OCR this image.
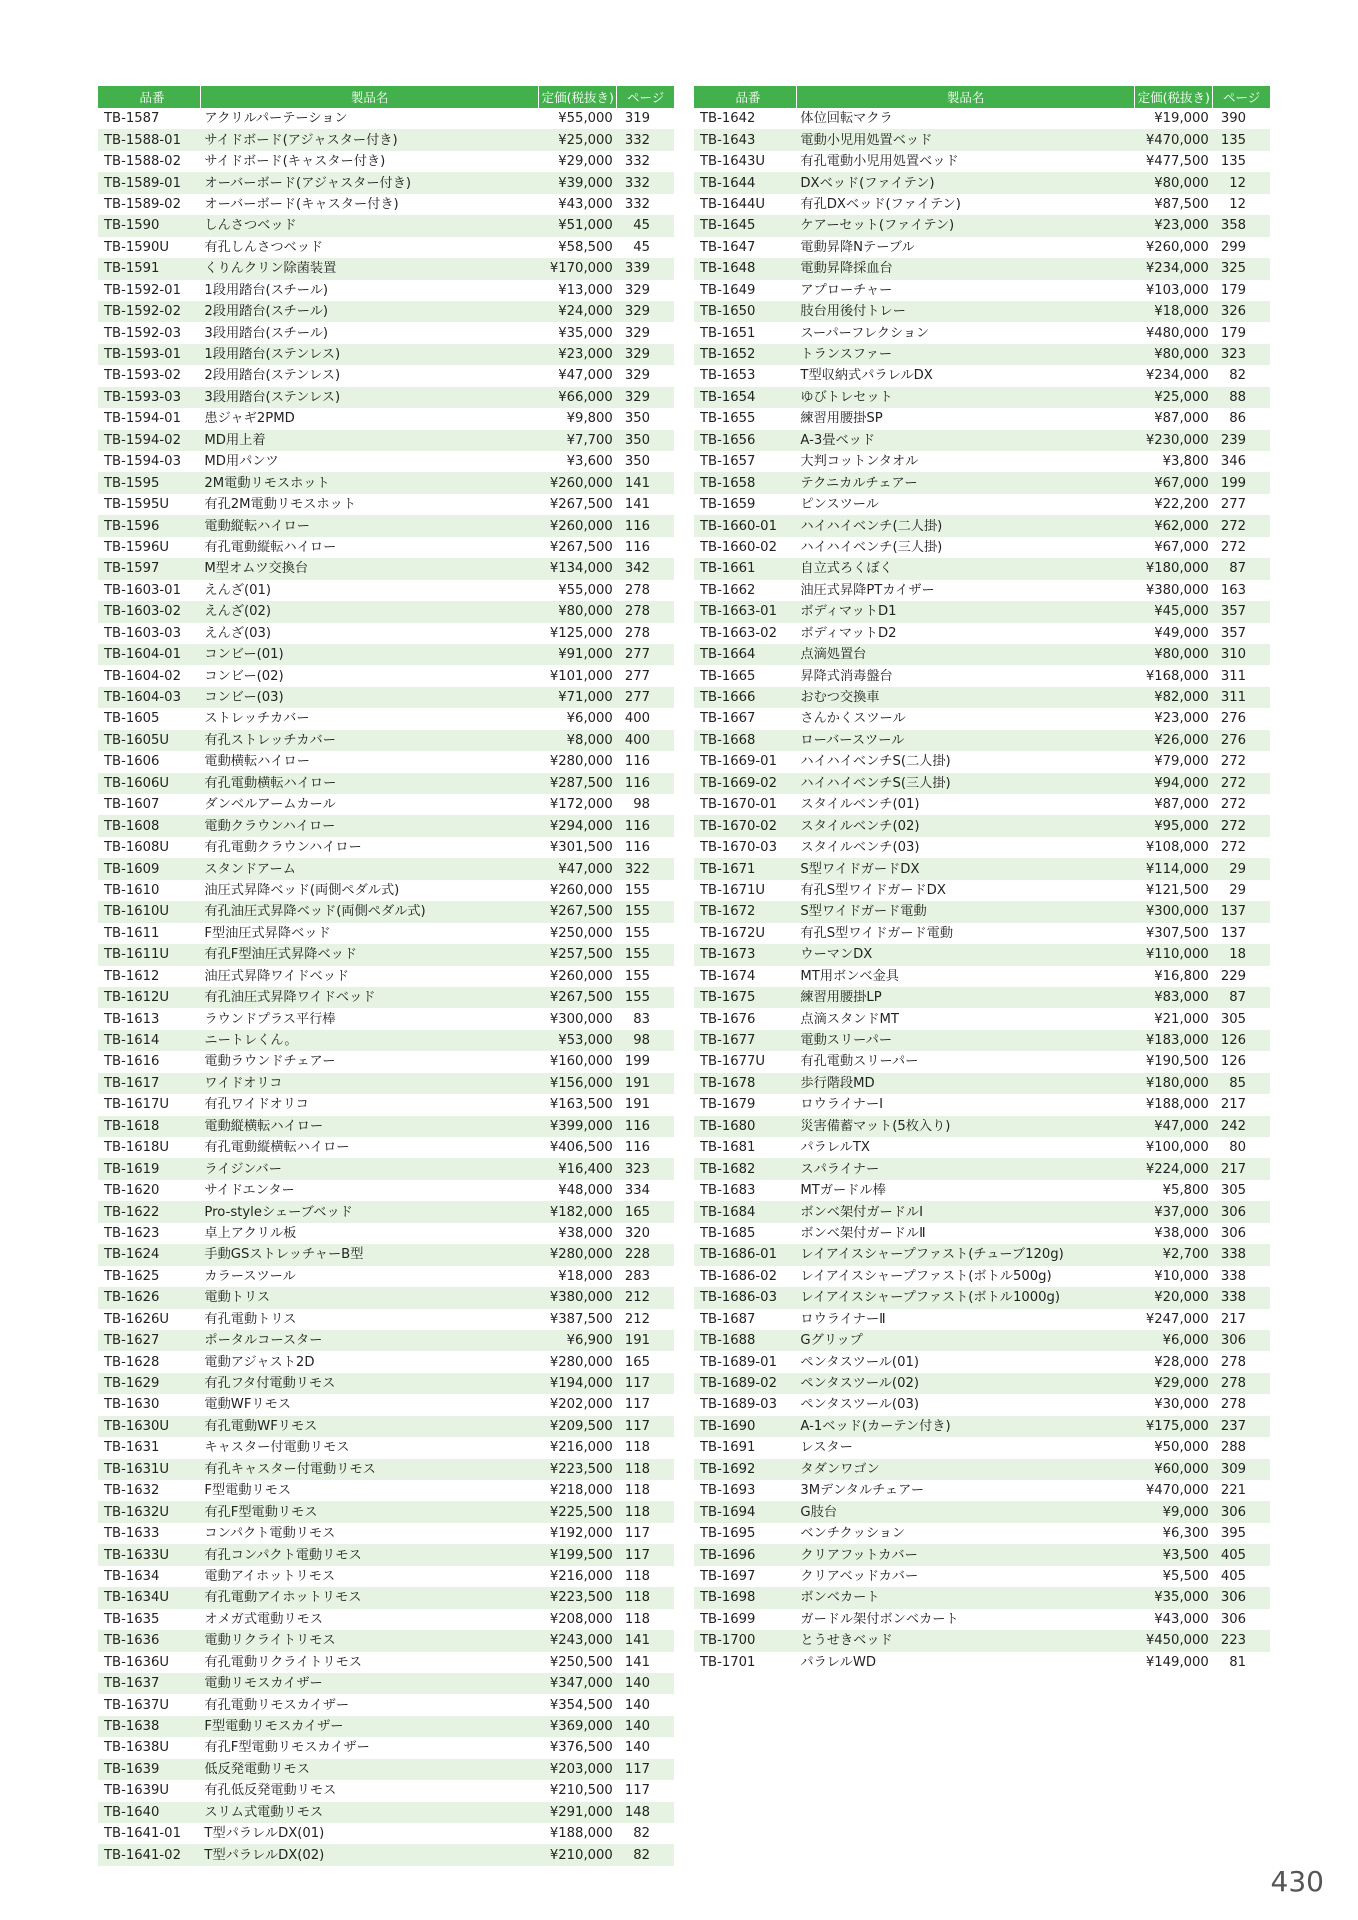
品番	製品名	定価(税抜き)	ページ
TB-1587	アクリルパーテーション	¥55,000	319
TB-1588-01	サイドボード(アジャスター付き)	¥25,000	332
TB-1588-02	サイドボード(キャスター付き)	¥29,000	332
TB-1589-01	オーバーボード(アジャスター付き)	¥39,000	332
TB-1589-02	オーバーボード(キャスター付き)	¥43,000	332
TB-1590	しんさつベッド	¥51,000	45
TB-1590U	有孔しんさつベッド	¥58,500	45
TB-1591	くりんクリン除菌装置	¥170,000	339
TB-1592-01	1段用踏台(スチール)	¥13,000	329
TB-1592-02	2段用踏台(スチール)	¥24,000	329
TB-1592-03	3段用踏台(スチール)	¥35,000	329
TB-1593-01	1段用踏台(ステンレス)	¥23,000	329
TB-1593-02	2段用踏台(ステンレス)	¥47,000	329
TB-1593-03	3段用踏台(ステンレス)	¥66,000	329
TB-1594-01	患ジャギ2PMD	¥9,800	350
TB-1594-02	MD用上着	¥7,700	350
TB-1594-03	MD用パンツ	¥3,600	350
TB-1595	2M電動リモスホット	¥260,000	141
TB-1595U	有孔2M電動リモスホット	¥267,500	141
TB-1596	電動縦転ハイロー	¥260,000	116
TB-1596U	有孔電動縦転ハイロー	¥267,500	116
TB-1597	M型オムツ交換台	¥134,000	342
TB-1603-01	えんざ(01)	¥55,000	278
TB-1603-02	えんざ(02)	¥80,000	278
TB-1603-03	えんざ(03)	¥125,000	278
TB-1604-01	コンビー(01)	¥91,000	277
TB-1604-02	コンビー(02)	¥101,000	277
TB-1604-03	コンビー(03)	¥71,000	277
TB-1605	ストレッチカバー	¥6,000	400
TB-1605U	有孔ストレッチカバー	¥8,000	400
TB-1606	電動横転ハイロー	¥280,000	116
TB-1606U	有孔電動横転ハイロー	¥287,500	116
TB-1607	ダンベルアームカール	¥172,000	98
TB-1608	電動クラウンハイロー	¥294,000	116
TB-1608U	有孔電動クラウンハイロー	¥301,500	116
TB-1609	スタンドアーム	¥47,000	322
TB-1610	油圧式昇降ベッド(両側ペダル式)	¥260,000	155
TB-1610U	有孔油圧式昇降ベッド(両側ペダル式)	¥267,500	155
TB-1611	F型油圧式昇降ベッド	¥250,000	155
TB-1611U	有孔F型油圧式昇降ベッド	¥257,500	155
TB-1612	油圧式昇降ワイドベッド	¥260,000	155
TB-1612U	有孔油圧式昇降ワイドベッド	¥267,500	155
TB-1613	ラウンドプラス平行棒	¥300,000	83
TB-1614	ニートレくん。	¥53,000	98
TB-1616	電動ラウンドチェアー	¥160,000	199
TB-1617	ワイドオリコ	¥156,000	191
TB-1617U	有孔ワイドオリコ	¥163,500	191
TB-1618	電動縦横転ハイロー	¥399,000	116
TB-1618U	有孔電動縦横転ハイロー	¥406,500	116
TB-1619	ライジンバー	¥16,400	323
TB-1620	サイドエンター	¥48,000	334
TB-1622	Pro-styleシェーブベッド	¥182,000	165
TB-1623	卓上アクリル板	¥38,000	320
TB-1624	手動GSストレッチャーB型	¥280,000	228
TB-1625	カラースツール	¥18,000	283
TB-1626	電動トリス	¥380,000	212
TB-1626U	有孔電動トリス	¥387,500	212
TB-1627	ポータルコースター	¥6,900	191
TB-1628	電動アジャスト2D	¥280,000	165
TB-1629	有孔フタ付電動リモス	¥194,000	117
TB-1630	電動WFリモス	¥202,000	117
TB-1630U	有孔電動WFリモス	¥209,500	117
TB-1631	キャスター付電動リモス	¥216,000	118
TB-1631U	有孔キャスター付電動リモス	¥223,500	118
TB-1632	F型電動リモス	¥218,000	118
TB-1632U	有孔F型電動リモス	¥225,500	118
TB-1633	コンパクト電動リモス	¥192,000	117
TB-1633U	有孔コンパクト電動リモス	¥199,500	117
TB-1634	電動アイホットリモス	¥216,000	118
TB-1634U	有孔電動アイホットリモス	¥223,500	118
TB-1635	オメガ式電動リモス	¥208,000	118
TB-1636	電動リクライトリモス	¥243,000	141
TB-1636U	有孔電動リクライトリモス	¥250,500	141
TB-1637	電動リモスカイザー	¥347,000	140
TB-1637U	有孔電動リモスカイザー	¥354,500	140
TB-1638	F型電動リモスカイザー	¥369,000	140
TB-1638U	有孔F型電動リモスカイザー	¥376,500	140
TB-1639	低反発電動リモス	¥203,000	117
TB-1639U	有孔低反発電動リモス	¥210,500	117
TB-1640	スリム式電動リモス	¥291,000	148
TB-1641-01	T型パラレルDX(01)	¥188,000	82
TB-1641-02	T型パラレルDX(02)	¥210,000	82
品番	製品名	定価(税抜き)	ページ
TB-1642	体位回転マクラ	¥19,000	390
TB-1643	電動小児用処置ベッド	¥470,000	135
TB-1643U	有孔電動小児用処置ベッド	¥477,500	135
TB-1644	DXベッド(ファイテン)	¥80,000	12
TB-1644U	有孔DXベッド(ファイテン)	¥87,500	12
TB-1645	ケアーセット(ファイテン)	¥23,000	358
TB-1647	電動昇降Nテーブル	¥260,000	299
TB-1648	電動昇降採血台	¥234,000	325
TB-1649	アプローチャー	¥103,000	179
TB-1650	肢台用後付トレー	¥18,000	326
TB-1651	スーパーフレクション	¥480,000	179
TB-1652	トランスファー	¥80,000	323
TB-1653	T型収納式パラレルDX	¥234,000	82
TB-1654	ゆびトレセット	¥25,000	88
TB-1655	練習用腰掛SP	¥87,000	86
TB-1656	A-3畳ベッド	¥230,000	239
TB-1657	大判コットンタオル	¥3,800	346
TB-1658	テクニカルチェアー	¥67,000	199
TB-1659	ピンスツール	¥22,200	277
TB-1660-01	ハイハイベンチ(二人掛)	¥62,000	272
TB-1660-02	ハイハイベンチ(三人掛)	¥67,000	272
TB-1661	自立式ろくぼく	¥180,000	87
TB-1662	油圧式昇降PTカイザー	¥380,000	163
TB-1663-01	ボディマットD1	¥45,000	357
TB-1663-02	ボディマットD2	¥49,000	357
TB-1664	点滴処置台	¥80,000	310
TB-1665	昇降式消毒盤台	¥168,000	311
TB-1666	おむつ交換車	¥82,000	311
TB-1667	さんかくスツール	¥23,000	276
TB-1668	ローバースツール	¥26,000	276
TB-1669-01	ハイハイベンチS(二人掛)	¥79,000	272
TB-1669-02	ハイハイベンチS(三人掛)	¥94,000	272
TB-1670-01	スタイルベンチ(01)	¥87,000	272
TB-1670-02	スタイルベンチ(02)	¥95,000	272
TB-1670-03	スタイルベンチ(03)	¥108,000	272
TB-1671	S型ワイドガードDX	¥114,000	29
TB-1671U	有孔S型ワイドガードDX	¥121,500	29
TB-1672	S型ワイドガード電動	¥300,000	137
TB-1672U	有孔S型ワイドガード電動	¥307,500	137
TB-1673	ウーマンDX	¥110,000	18
TB-1674	MT用ボンベ金具	¥16,800	229
TB-1675	練習用腰掛LP	¥83,000	87
TB-1676	点滴スタンドMT	¥21,000	305
TB-1677	電動スリーパー	¥183,000	126
TB-1677U	有孔電動スリーパー	¥190,500	126
TB-1678	歩行階段MD	¥180,000	85
TB-1679	ロウライナーⅠ	¥188,000	217
TB-1680	災害備蓄マット(5枚入り)	¥47,000	242
TB-1681	パラレルTX	¥100,000	80
TB-1682	スパライナー	¥224,000	217
TB-1683	MTガードル棒	¥5,800	305
TB-1684	ボンベ架付ガードルⅠ	¥37,000	306
TB-1685	ボンベ架付ガードルⅡ	¥38,000	306
TB-1686-01	レイアイスシャープファスト(チューブ120g)	¥2,700	338
TB-1686-02	レイアイスシャープファスト(ボトル500g)	¥10,000	338
TB-1686-03	レイアイスシャープファスト(ボトル1000g)	¥20,000	338
TB-1687	ロウライナーⅡ	¥247,000	217
TB-1688	Gグリップ	¥6,000	306
TB-1689-01	ペンタスツール(01)	¥28,000	278
TB-1689-02	ペンタスツール(02)	¥29,000	278
TB-1689-03	ペンタスツール(03)	¥30,000	278
TB-1690	A-1ベッド(カーテン付き)	¥175,000	237
TB-1691	レスター	¥50,000	288
TB-1692	タダンワゴン	¥60,000	309
TB-1693	3Mデンタルチェアー	¥470,000	221
TB-1694	G肢台	¥9,000	306
TB-1695	ベンチクッション	¥6,300	395
TB-1696	クリアフットカバー	¥3,500	405
TB-1697	クリアベッドカバー	¥5,500	405
TB-1698	ボンベカート	¥35,000	306
TB-1699	ガードル架付ボンベカート	¥43,000	306
TB-1700	とうせきベッド	¥450,000	223
TB-1701	パラレルWD	¥149,000	81
430
